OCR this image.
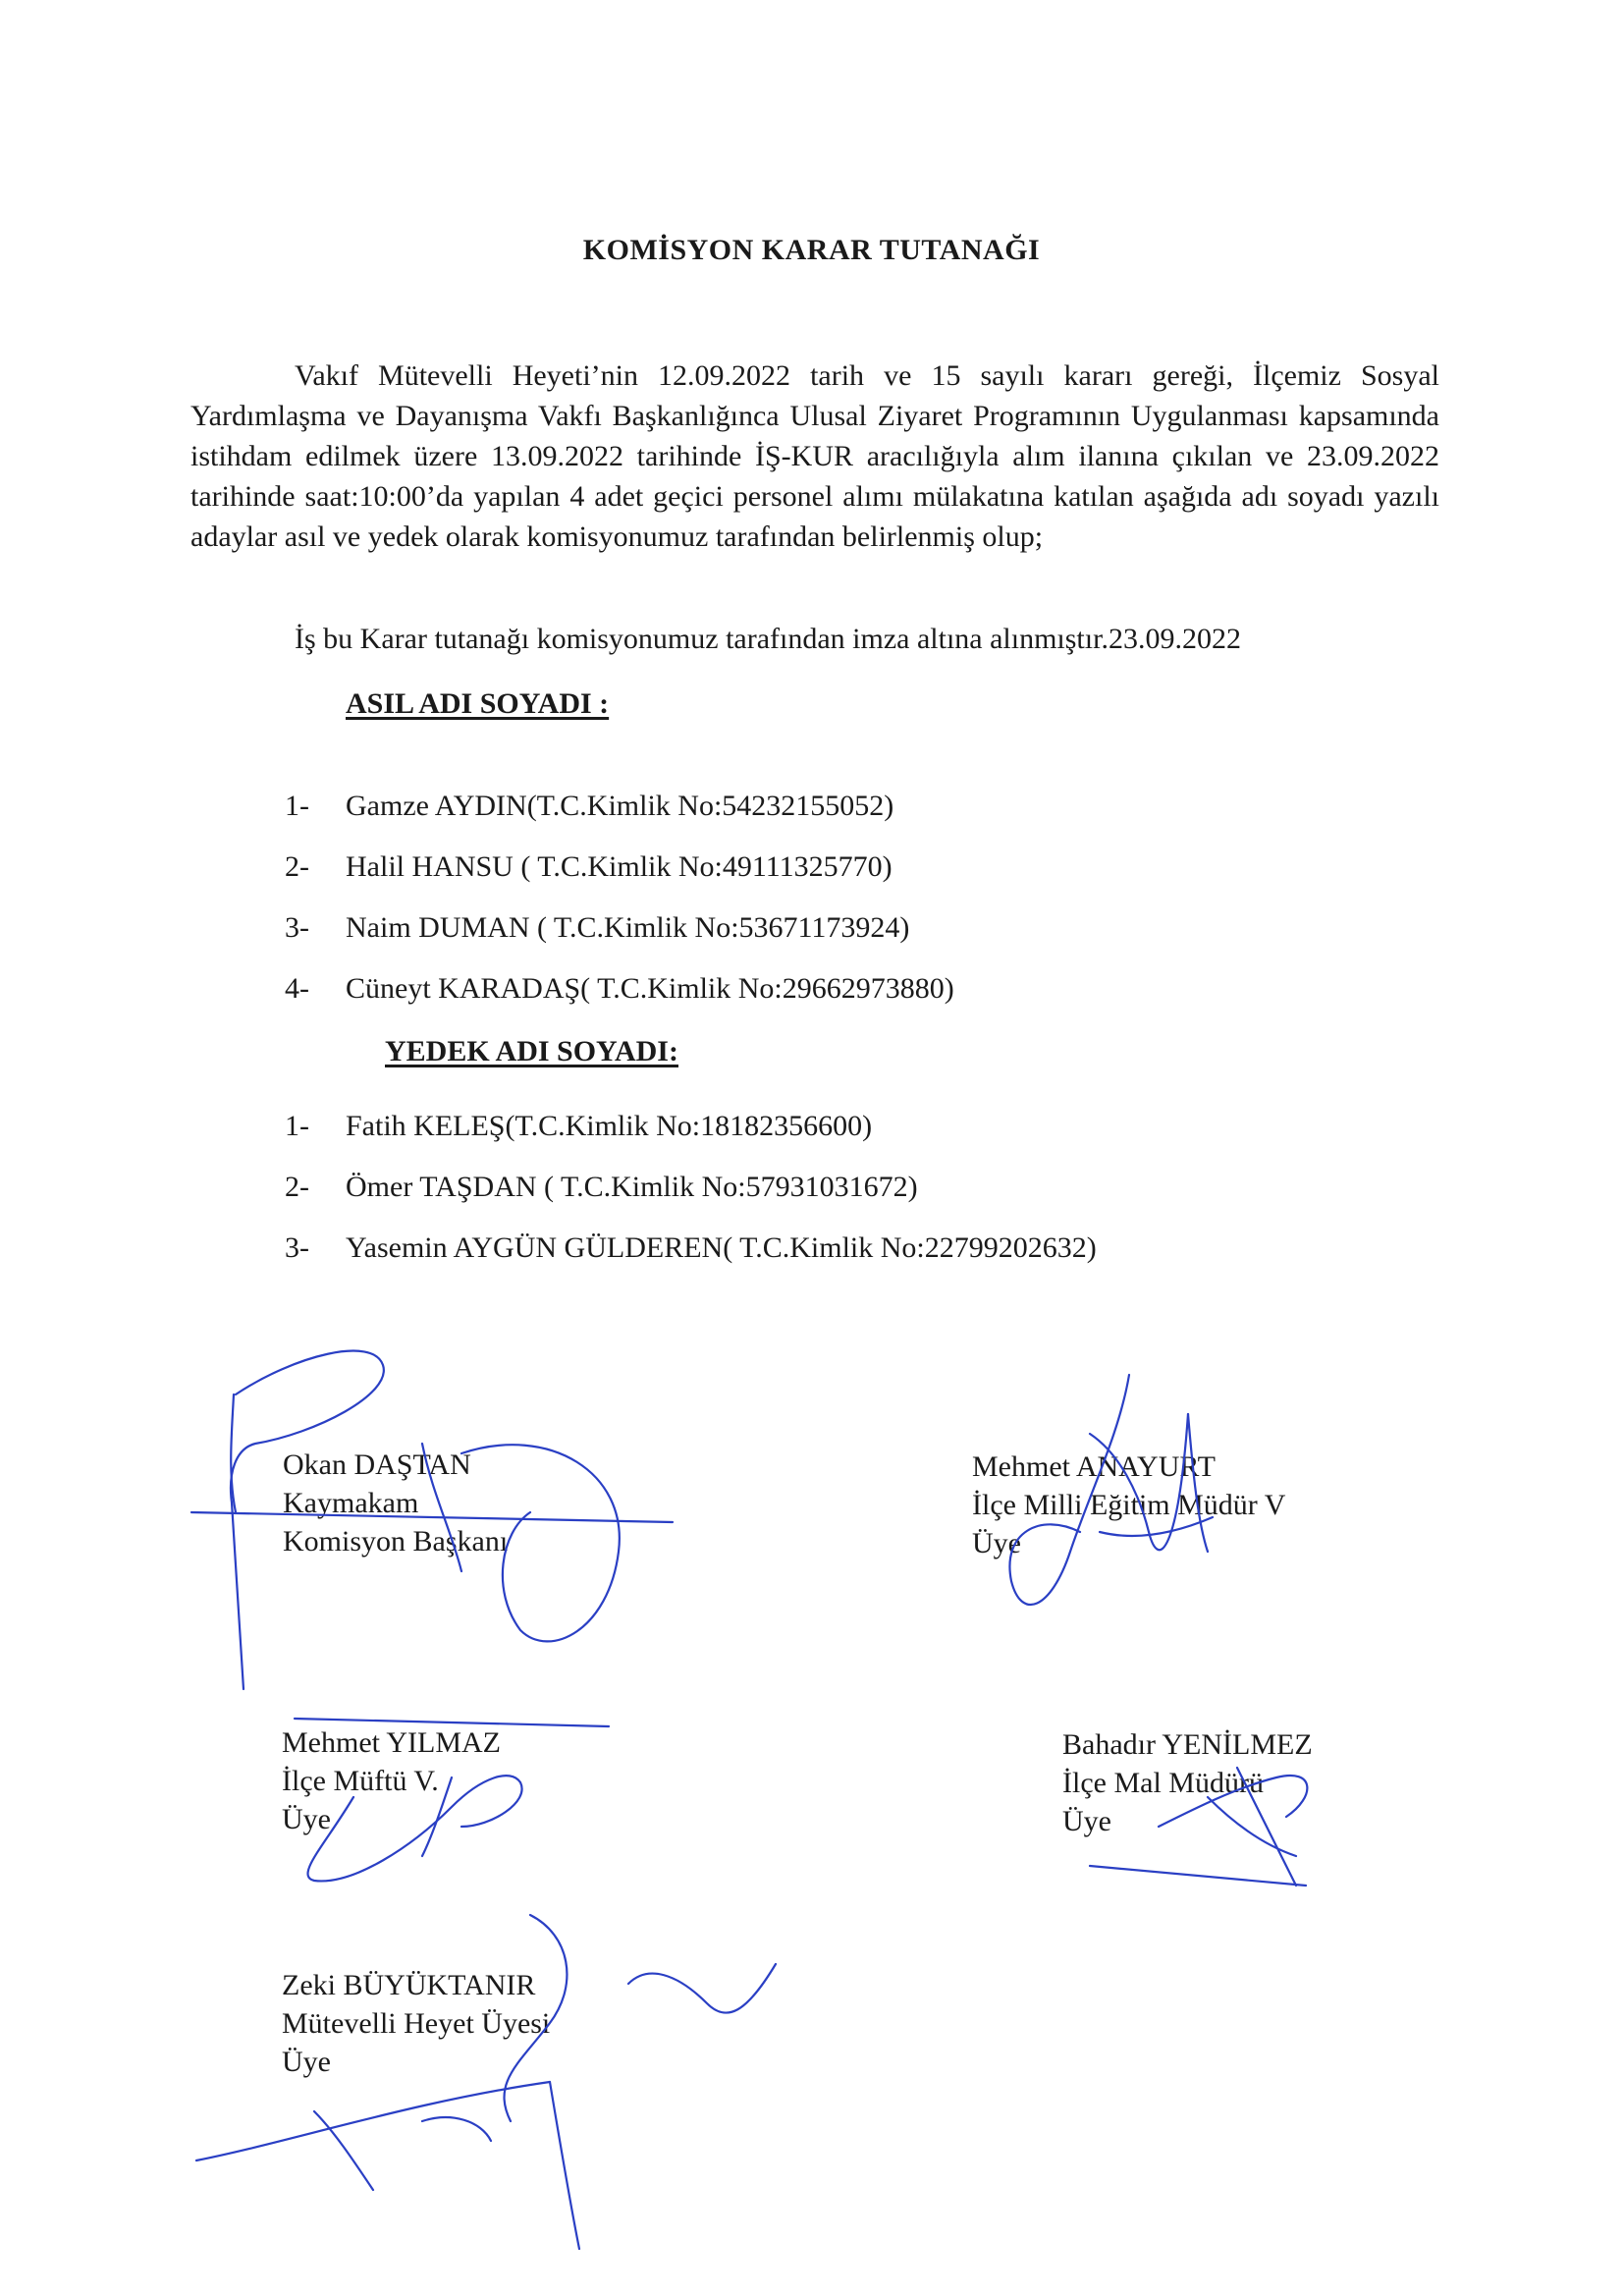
KOMİSYON KARAR TUTANAĞI

Vakıf Mütevelli Heyeti’nin 12.09.2022 tarih ve 15 sayılı kararı gereği, İlçemiz Sosyal Yardımlaşma ve Dayanışma Vakfı Başkanlığınca Ulusal Ziyaret Programının Uygulanması kapsamında istihdam edilmek üzere 13.09.2022 tarihinde İŞ-KUR aracılığıyla alım ilanına çıkılan ve 23.09.2022 tarihinde saat:10:00’da yapılan 4 adet geçici personel alımı mülakatına katılan aşağıda adı soyadı yazılı adaylar asıl ve yedek olarak komisyonumuz tarafından belirlenmiş olup;

İş bu Karar tutanağı komisyonumuz tarafından imza altına alınmıştır.23.09.2022
ASIL ADI SOYADI :
1- Gamze AYDIN(T.C.Kimlik No:54232155052)
2- Halil HANSU ( T.C.Kimlik No:49111325770)
3- Naim DUMAN ( T.C.Kimlik No:53671173924)
4- Cüneyt KARADAŞ( T.C.Kimlik No:29662973880)
YEDEK ADI SOYADI:
1- Fatih KELEŞ(T.C.Kimlik No:18182356600)
2- Ömer TAŞDAN ( T.C.Kimlik No:57931031672)
3- Yasemin AYGÜN GÜLDEREN( T.C.Kimlik No:22799202632)
Okan DAŞTAN
Kaymakam
Komisyon Başkanı
Mehmet ANAYURT
İlçe Milli Eğitim Müdür V
Üye
Mehmet YILMAZ
İlçe Müftü V.
Üye
Bahadır YENİLMEZ
İlçe Mal Müdürü
Üye
Zeki BÜYÜKTANIR
Mütevelli Heyet Üyesi
Üye
